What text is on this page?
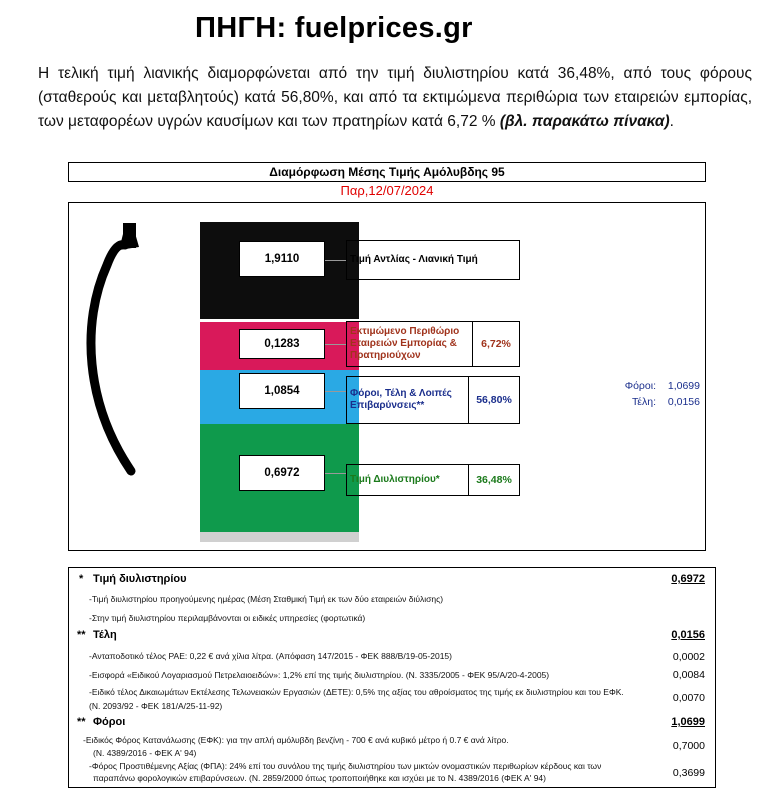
ΠΗΓΗ: fuelprices.gr
Η τελική τιμή λιανικής διαμορφώνεται από την τιμή διυλιστηρίου κατά 36,48%, από τους φόρους (σταθερούς και μεταβλητούς) κατά 56,80%, και από τα εκτιμώμενα περιθώρια των εταιρειών εμπορίας, των μεταφορέων υγρών καυσίμων και των πρατηρίων κατά 6,72 % (βλ. παρακάτω πίνακα).
Διαμόρφωση Μέσης Τιμής Αμόλυβδης 95
Παρ,12/07/2024
1,9110
0,1283
1,0854
0,6972
Τιμή Αντλίας - Λιανική Τιμή
Εκτιμώμενο Περιθώριο Εταιρειών Εμπορίας & Πρατηριούχων
6,72%
Φόροι, Τέλη & Λοιπές Επιβαρύνσεις**	56,80%
Τιμή Διυλιστηρίου*	36,48%
Φόροι: 1,0699
Τέλη: 0,0156
* Τιμή διυλιστηρίου	0,6972
-Τιμή διυλιστηρίου προηγούμενης ημέρας (Μέση Σταθμική Τιμή εκ των δύο εταιρειών διύλισης)
-Στην τιμή διυλιστηρίου περιλαμβάνονται οι ειδικές υπηρεσίες (φορτωτικά)
** Τέλη	0,0156
-Ανταποδοτικό τέλος ΡΑΕ: 0,22 € ανά χίλια λίτρα. (Απόφαση 147/2015 - ΦΕΚ 888/Β/19-05-2015)	0,0002
-Εισφορά «Ειδικού Λογαριασμού Πετρελαιοειδών»: 1,2% επί της τιμής διυλιστηρίου. (Ν. 3335/2005 - ΦΕΚ 95/Α/20-4-2005)	0,0084
-Ειδικό τέλος Δικαιωμάτων Εκτέλεσης Τελωνειακών Εργασιών (ΔΕΤΕ): 0,5% της αξίας του αθροίσματος της τιμής εκ διυλιστηρίου και του ΕΦΚ.
(Ν. 2093/92 - ΦΕΚ 181/Α/25-11-92)
0,0070
** Φόροι	1,0699
-Ειδικός Φόρος Κατανάλωσης (ΕΦΚ): για την απλή αμόλυβδη βενζίνη - 700 € ανά κυβικό μέτρο ή 0.7 € ανά λίτρο.
(Ν. 4389/2016 - ΦΕΚ Α' 94)
0,7000
-Φόρος Προστιθέμενης Αξίας (ΦΠΑ): 24% επί του συνόλου της τιμής διυλιστηρίου των μικτών ονομαστικών περιθωρίων κέρδους και των
παραπάνω φορολογικών επιβαρύνσεων. (Ν. 2859/2000 όπως τροποποιήθηκε και ισχύει με το Ν. 4389/2016 (ΦΕΚ Α' 94)	0,3699
